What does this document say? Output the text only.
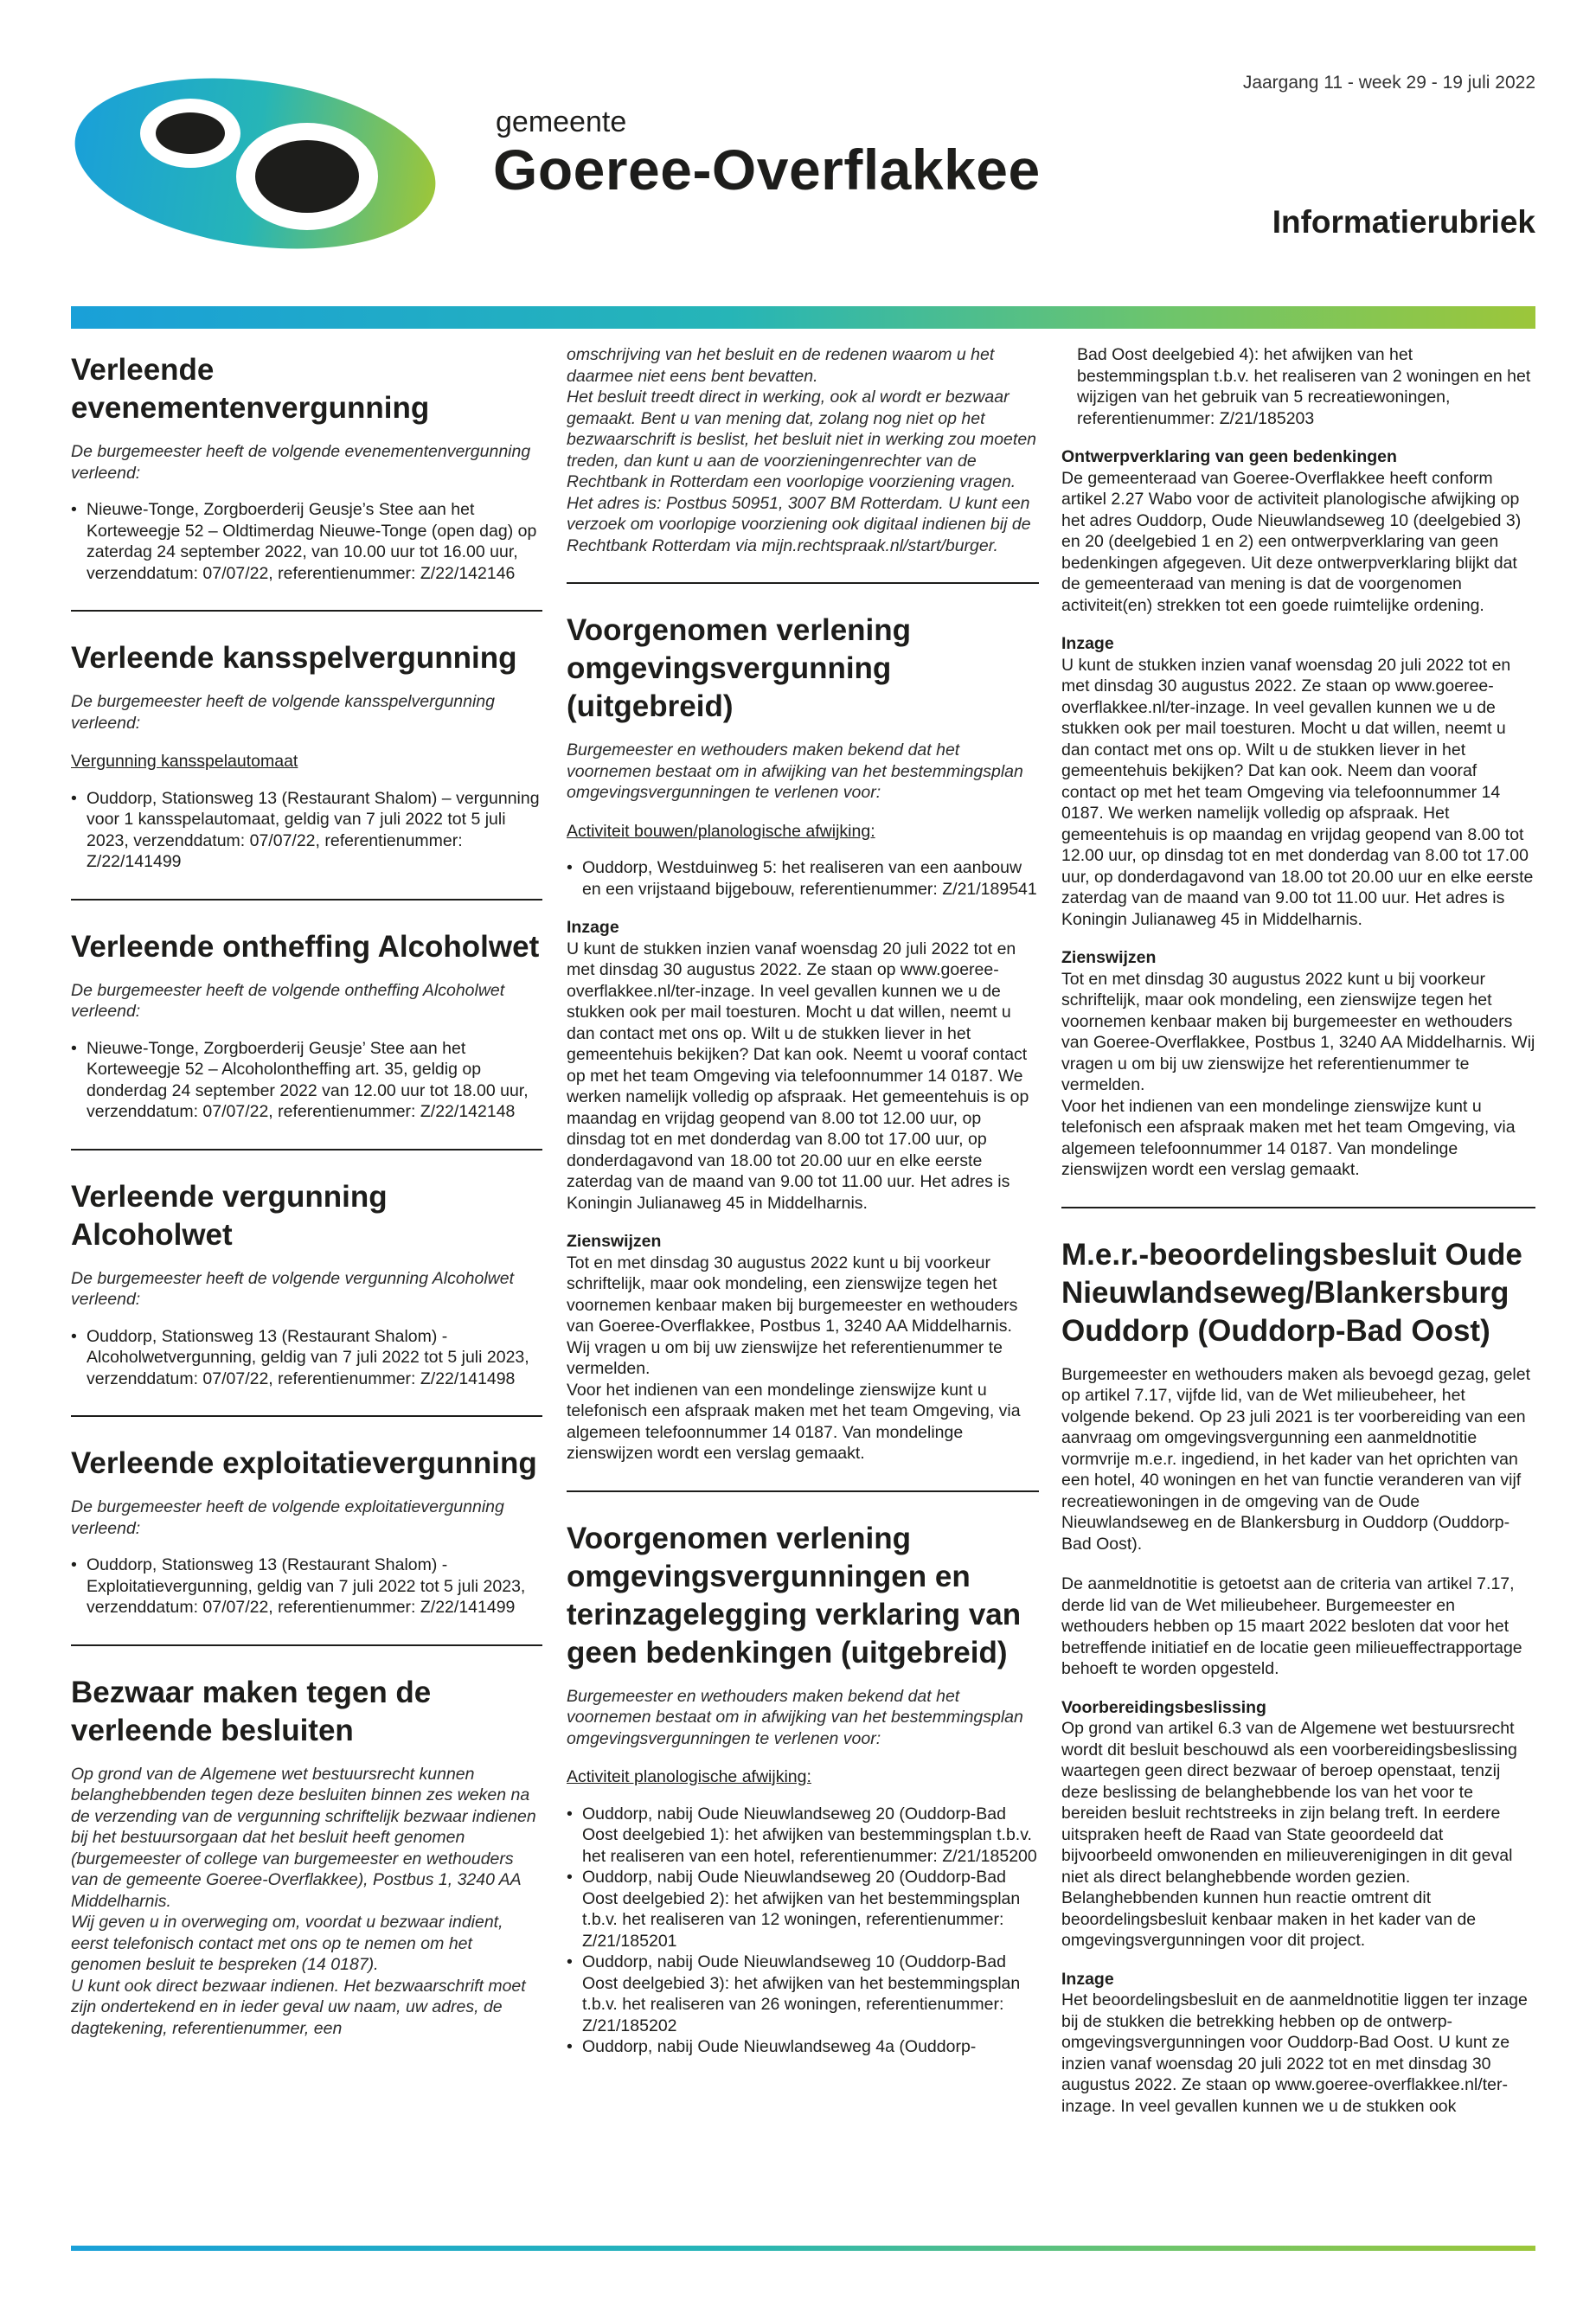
gemeente
Goeree-Overflakkee
Jaargang 11 - week 29 - 19 juli 2022
Informatierubriek
Verleende evenementenvergunning

De burgemeester heeft de volgende evenementenvergunning verleend:

• Nieuwe-Tonge, Zorgboerderij Geusje’s Stee aan het Korteweegje 52 – Oldtimerdag Nieuwe-Tonge (open dag) op zaterdag 24 september 2022, van 10.00 uur tot 16.00 uur, verzenddatum: 07/07/22, referentienummer: Z/22/142146
Verleende kansspelvergunning

De burgemeester heeft de volgende kansspelvergunning verleend:

Vergunning kansspelautomaat

• Ouddorp, Stationsweg 13 (Restaurant Shalom) – vergunning voor 1 kansspelautomaat, geldig van 7 juli 2022 tot 5 juli 2023, verzenddatum: 07/07/22, referentienummer: Z/22/141499
Verleende ontheffing Alcoholwet

De burgemeester heeft de volgende ontheffing Alcoholwet verleend:

• Nieuwe-Tonge, Zorgboerderij Geusje’ Stee aan het Korteweegje 52 – Alcoholontheffing art. 35, geldig op donderdag 24 september 2022 van 12.00 uur tot 18.00 uur, verzenddatum: 07/07/22, referentienummer: Z/22/142148
Verleende vergunning Alcoholwet

De burgemeester heeft de volgende vergunning Alcoholwet verleend:

• Ouddorp, Stationsweg 13 (Restaurant Shalom) - Alcoholwetvergunning, geldig van 7 juli 2022 tot 5 juli 2023, verzenddatum: 07/07/22, referentienummer: Z/22/141498
Verleende exploitatievergunning

De burgemeester heeft de volgende exploitatievergunning verleend:

• Ouddorp, Stationsweg 13 (Restaurant Shalom) - Exploitatievergunning, geldig van 7 juli 2022 tot 5 juli 2023, verzenddatum: 07/07/22, referentienummer: Z/22/141499
Bezwaar maken tegen de verleende besluiten

Op grond van de Algemene wet bestuursrecht kunnen belanghebbenden tegen deze besluiten binnen zes weken na de verzending van de vergunning schriftelijk bezwaar indienen bij het bestuursorgaan dat het besluit heeft genomen (burgemeester of college van burgemeester en wethouders van de gemeente Goeree-Overflakkee), Postbus 1, 3240 AA Middelharnis.

Wij geven u in overweging om, voordat u bezwaar indient, eerst telefonisch contact met ons op te nemen om het genomen besluit te bespreken (14 0187).

U kunt ook direct bezwaar indienen. Het bezwaarschrift moet zijn ondertekend en in ieder geval uw naam, uw adres, de dagtekening, referentienummer, een

omschrijving van het besluit en de redenen waarom u het daarmee niet eens bent bevatten.

Het besluit treedt direct in werking, ook al wordt er bezwaar gemaakt. Bent u van mening dat, zolang nog niet op het bezwaarschrift is beslist, het besluit niet in werking zou moeten treden, dan kunt u aan de voorzieningenrechter van de Rechtbank in Rotterdam een voorlopige voorziening vragen. Het adres is: Postbus 50951, 3007 BM Rotterdam. U kunt een verzoek om voorlopige voorziening ook digitaal indienen bij de Rechtbank Rotterdam via mijn.rechtspraak.nl/start/burger.

Voorgenomen verlening omgevingsvergunning (uitgebreid)

Burgemeester en wethouders maken bekend dat het voornemen bestaat om in afwijking van het bestemmingsplan omgevingsvergunningen te verlenen voor:

Activiteit bouwen/planologische afwijking:

• Ouddorp, Westduinweg 5: het realiseren van een aanbouw en een vrijstaand bijgebouw, referentienummer: Z/21/189541

Inzage

U kunt de stukken inzien vanaf woensdag 20 juli 2022 tot en met dinsdag 30 augustus 2022. Ze staan op www.goeree-overflakkee.nl/ter-inzage. In veel gevallen kunnen we u de stukken ook per mail toesturen. Mocht u dat willen, neemt u dan contact met ons op. Wilt u de stukken liever in het gemeentehuis bekijken? Dat kan ook. Neemt u vooraf contact op met het team Omgeving via telefoonnummer 14 0187. We werken namelijk volledig op afspraak. Het gemeentehuis is op maandag en vrijdag geopend van 8.00 tot 12.00 uur, op dinsdag tot en met donderdag van 8.00 tot 17.00 uur, op donderdagavond van 18.00 tot 20.00 uur en elke eerste zaterdag van de maand van 9.00 tot 11.00 uur. Het adres is Koningin Julianaweg 45 in Middelharnis.

Zienswijzen

Tot en met dinsdag 30 augustus 2022 kunt u bij voorkeur schriftelijk, maar ook mondeling, een zienswijze tegen het voornemen kenbaar maken bij burgemeester en wethouders van Goeree-Overflakkee, Postbus 1, 3240 AA Middelharnis. Wij vragen u om bij uw zienswijze het referentienummer te vermelden.

Voor het indienen van een mondelinge zienswijze kunt u telefonisch een afspraak maken met het team Omgeving, via algemeen telefoonnummer 14 0187. Van mondelinge zienswijzen wordt een verslag gemaakt.

Voorgenomen verlening omgevingsvergunningen en terinzagelegging verklaring van geen bedenkingen (uitgebreid)

Burgemeester en wethouders maken bekend dat het voornemen bestaat om in afwijking van het bestemmingsplan omgevingsvergunningen te verlenen voor:

Activiteit planologische afwijking:

• Ouddorp, nabij Oude Nieuwlandseweg 20 (Ouddorp-Bad Oost deelgebied 1): het afwijken van bestemmingsplan t.b.v. het realiseren van een hotel, referentienummer: Z/21/185200
• Ouddorp, nabij Oude Nieuwlandseweg 20 (Ouddorp-Bad Oost deelgebied 2): het afwijken van het bestemmingsplan t.b.v. het realiseren van 12 woningen, referentienummer: Z/21/185201
• Ouddorp, nabij Oude Nieuwlandseweg 10 (Ouddorp-Bad Oost deelgebied 3): het afwijken van het bestemmingsplan t.b.v. het realiseren van 26 woningen, referentienummer: Z/21/185202
• Ouddorp, nabij Oude Nieuwlandseweg 4a (Ouddorp-

Bad Oost deelgebied 4): het afwijken van het bestemmingsplan t.b.v. het realiseren van 2 woningen en het wijzigen van het gebruik van 5 recreatiewoningen, referentienummer: Z/21/185203

Ontwerpverklaring van geen bedenkingen

De gemeenteraad van Goeree-Overflakkee heeft conform artikel 2.27 Wabo voor de activiteit planologische afwijking op het adres Ouddorp, Oude Nieuwlandseweg 10 (deelgebied 3) en 20 (deelgebied 1 en 2) een ontwerpverklaring van geen bedenkingen afgegeven. Uit deze ontwerpverklaring blijkt dat de gemeenteraad van mening is dat de voorgenomen activiteit(en) strekken tot een goede ruimtelijke ordening.

Inzage

U kunt de stukken inzien vanaf woensdag 20 juli 2022 tot en met dinsdag 30 augustus 2022. Ze staan op www.goeree-overflakkee.nl/ter-inzage. In veel gevallen kunnen we u de stukken ook per mail toesturen. Mocht u dat willen, neemt u dan contact met ons op. Wilt u de stukken liever in het gemeentehuis bekijken? Dat kan ook. Neem dan vooraf contact op met het team Omgeving via telefoonnummer 14 0187. We werken namelijk volledig op afspraak. Het gemeentehuis is op maandag en vrijdag geopend van 8.00 tot 12.00 uur, op dinsdag tot en met donderdag van 8.00 tot 17.00 uur, op donderdagavond van 18.00 tot 20.00 uur en elke eerste zaterdag van de maand van 9.00 tot 11.00 uur. Het adres is Koningin Julianaweg 45 in Middelharnis.

Zienswijzen

Tot en met dinsdag 30 augustus 2022 kunt u bij voorkeur schriftelijk, maar ook mondeling, een zienswijze tegen het voornemen kenbaar maken bij burgemeester en wethouders van Goeree-Overflakkee, Postbus 1, 3240 AA Middelharnis. Wij vragen u om bij uw zienswijze het referentienummer te vermelden.

Voor het indienen van een mondelinge zienswijze kunt u telefonisch een afspraak maken met het team Omgeving, via algemeen telefoonnummer 14 0187. Van mondelinge zienswijzen wordt een verslag gemaakt.

M.e.r.-beoordelingsbesluit Oude Nieuwlandseweg/Blankersburg Ouddorp (Ouddorp-Bad Oost)

Burgemeester en wethouders maken als bevoegd gezag, gelet op artikel 7.17, vijfde lid, van de Wet milieubeheer, het volgende bekend. Op 23 juli 2021 is ter voorbereiding van een aanvraag om omgevingsvergunning een aanmeldnotitie vormvrije m.e.r. ingediend, in het kader van het oprichten van een hotel, 40 woningen en het van functie veranderen van vijf recreatiewoningen in de omgeving van de Oude Nieuwlandseweg en de Blankersburg in Ouddorp (Ouddorp-Bad Oost).

De aanmeldnotitie is getoetst aan de criteria van artikel 7.17, derde lid van de Wet milieubeheer. Burgemeester en wethouders hebben op 15 maart 2022 besloten dat voor het betreffende initiatief en de locatie geen milieueffectrapportage behoeft te worden opgesteld.

Voorbereidingsbeslissing

Op grond van artikel 6.3 van de Algemene wet bestuursrecht wordt dit besluit beschouwd als een voorbereidingsbeslissing waartegen geen direct bezwaar of beroep openstaat, tenzij deze beslissing de belanghebbende los van het voor te bereiden besluit rechtstreeks in zijn belang treft. In eerdere uitspraken heeft de Raad van State geoordeeld dat bijvoorbeeld omwonenden en milieuverenigingen in dit geval niet als direct belanghebbende worden gezien. Belanghebbenden kunnen hun reactie omtrent dit beoordelingsbesluit kenbaar maken in het kader van de omgevingsvergunningen voor dit project.

Inzage

Het beoordelingsbesluit en de aanmeldnotitie liggen ter inzage bij de stukken die betrekking hebben op de ontwerp-omgevingsvergunningen voor Ouddorp-Bad Oost. U kunt ze inzien vanaf woensdag 20 juli 2022 tot en met dinsdag 30 augustus 2022. Ze staan op www.goeree-overflakkee.nl/ter-inzage. In veel gevallen kunnen we u de stukken ook
